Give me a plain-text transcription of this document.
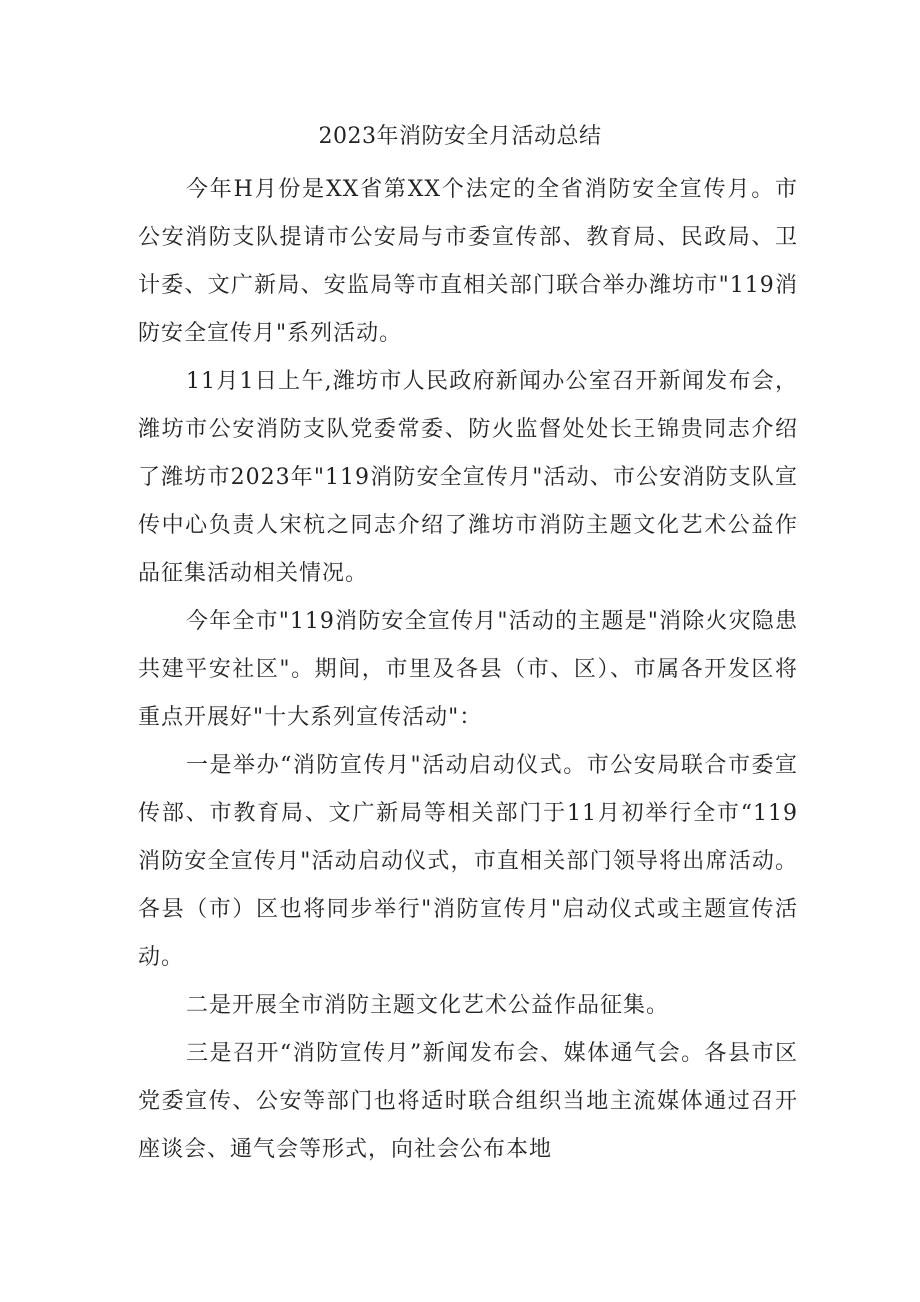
2023年消防安全月活动总结

今年H月份是XX省第XX个法定的全省消防安全宣传月。市公安消防支队提请市公安局与市委宣传部、教育局、民政局、卫计委、文广新局、安监局等市直相关部门联合举办潍坊市"119消防安全宣传月"系列活动。

11月1日上午,潍坊市人民政府新闻办公室召开新闻发布会，潍坊市公安消防支队党委常委、防火监督处处长王锦贵同志介绍了潍坊市2023年"119消防安全宣传月"活动、市公安消防支队宣传中心负责人宋杭之同志介绍了潍坊市消防主题文化艺术公益作品征集活动相关情况。

今年全市"119消防安全宣传月"活动的主题是"消除火灾隐患共建平安社区"。期间，市里及各县（市、区）、市属各开发区将重点开展好"十大系列宣传活动"：

一是举办“消防宣传月"活动启动仪式。市公安局联合市委宣传部、市教育局、文广新局等相关部门于11月初举行全市“119消防安全宣传月"活动启动仪式，市直相关部门领导将出席活动。各县（市）区也将同步举行"消防宣传月"启动仪式或主题宣传活动。

二是开展全市消防主题文化艺术公益作品征集。

三是召开“消防宣传月”新闻发布会、媒体通气会。各县市区党委宣传、公安等部门也将适时联合组织当地主流媒体通过召开座谈会、通气会等形式，向社会公布本地
